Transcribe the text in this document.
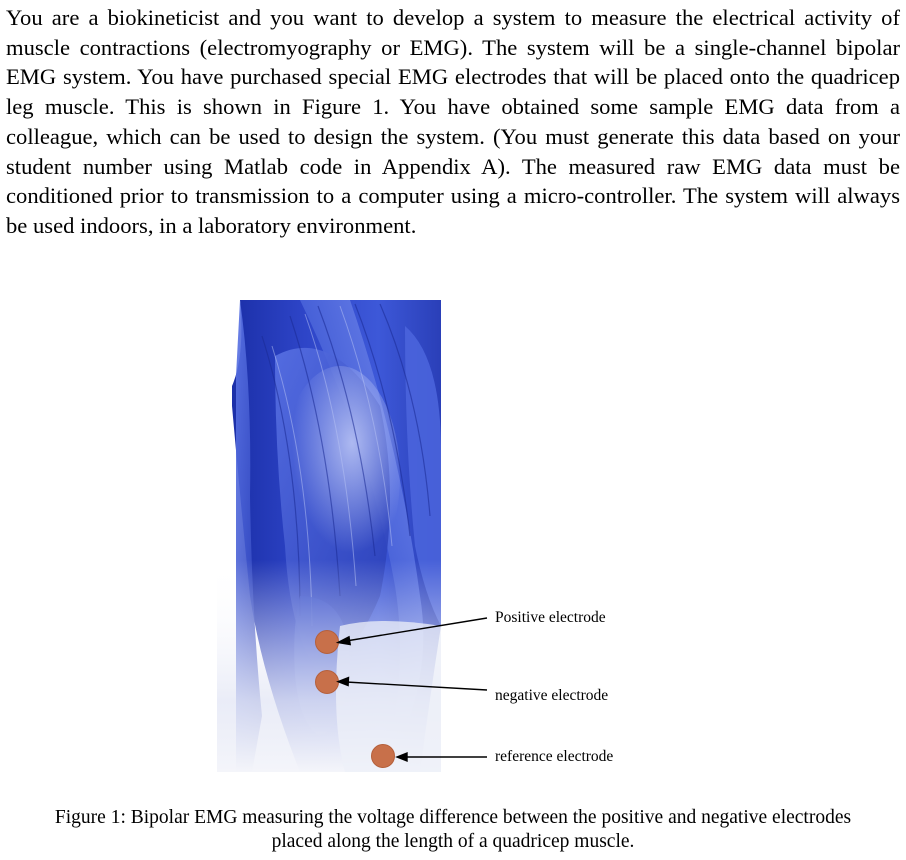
You are a biokineticist and you want to develop a system to measure the electrical activity of muscle contractions (electromyography or EMG). The system will be a single-channel bipolar EMG system. You have purchased special EMG electrodes that will be placed onto the quadricep leg muscle. This is shown in Figure 1. You have obtained some sample EMG data from a colleague, which can be used to design the system. (You must generate this data based on your student number using Matlab code in Appendix A). The measured raw EMG data must be conditioned prior to transmission to a computer using a micro-controller. The system will always be used indoors, in a laboratory environment.

Positive electrode
negative electrode
reference electrode
Figure 1: Bipolar EMG measuring the voltage difference between the positive and negative electrodes
placed along the length of a quadricep muscle.
